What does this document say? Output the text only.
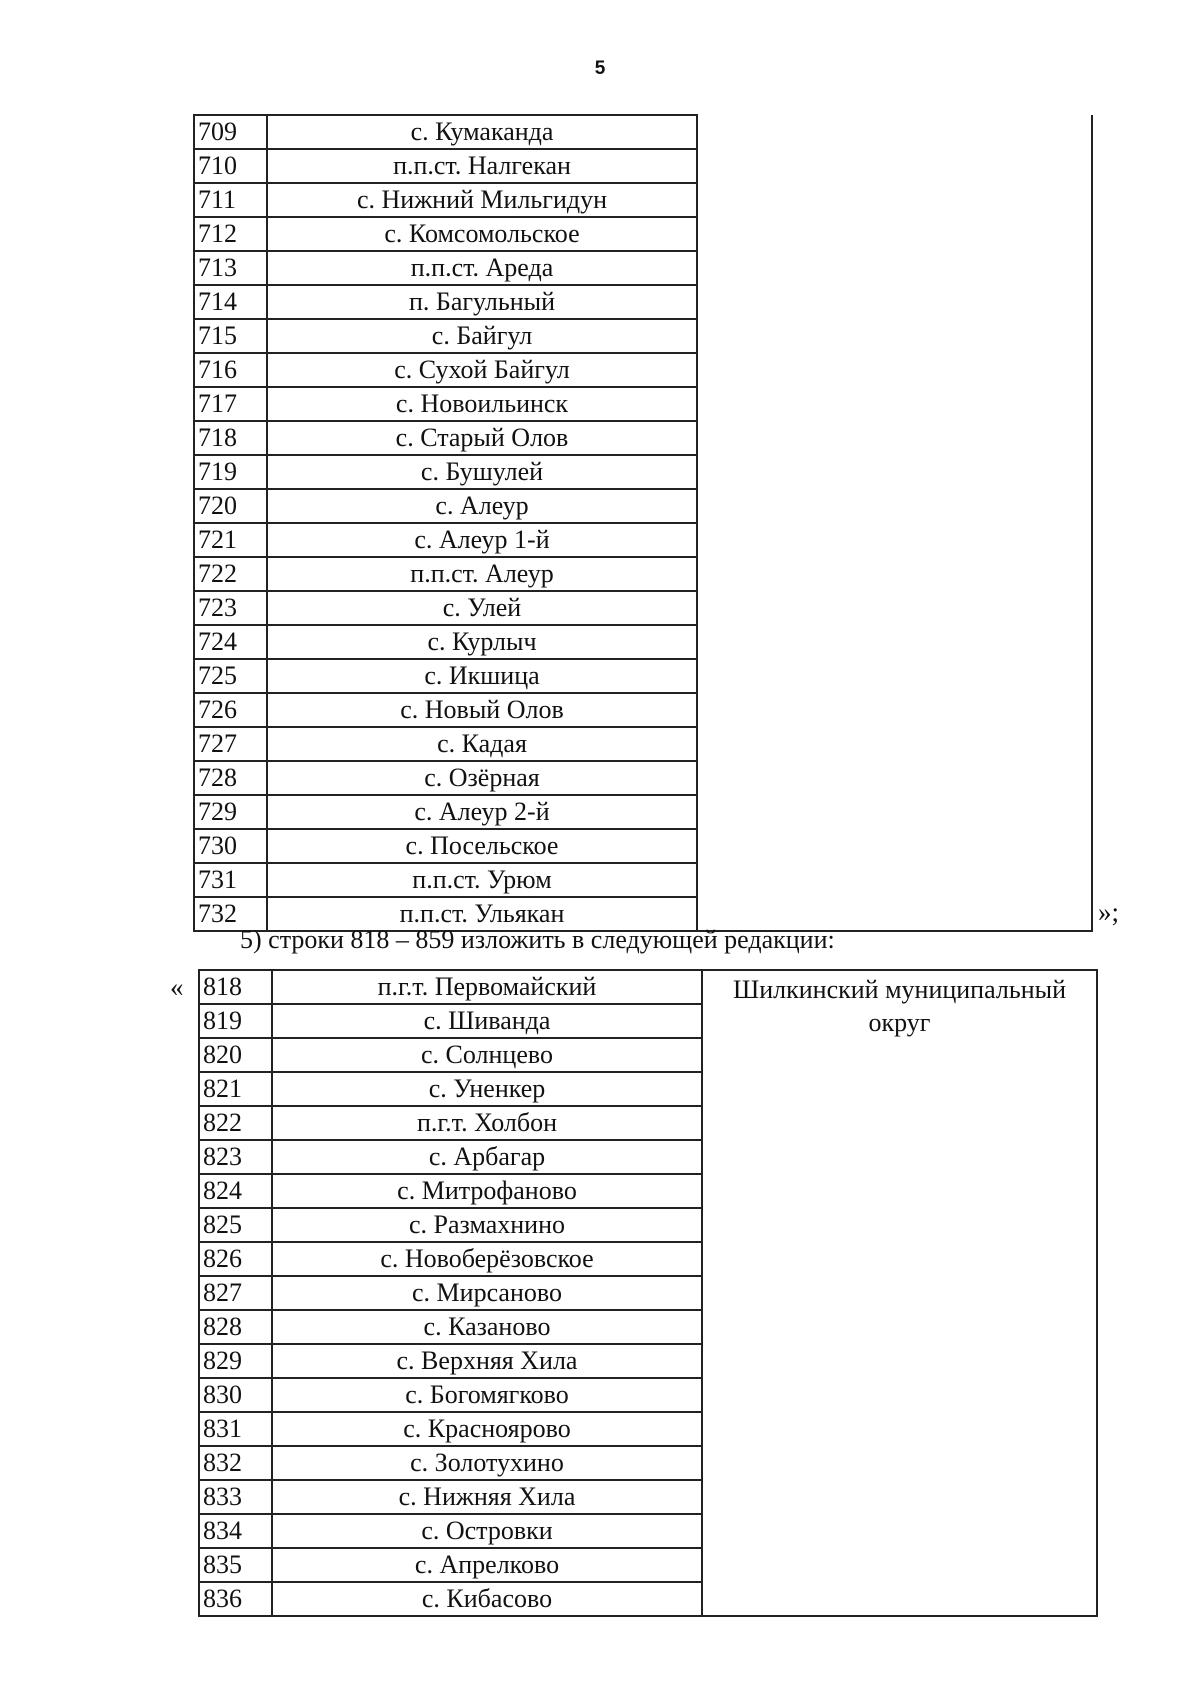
5
709	с. Кумаканда	
710	п.п.ст. Налгекан	
711	с. Нижний Мильгидун	
712	с. Комсомольское	
713	п.п.ст. Ареда	
714	п. Багульный	
715	с. Байгул	
716	с. Сухой Байгул	
717	с. Новоильинск	
718	с. Старый Олов	
719	с. Бушулей	
720	с. Алеур	
721	с. Алеур 1-й	
722	п.п.ст. Алеур	
723	с. Улей	
724	с. Курлыч	
725	с. Икшица	
726	с. Новый Олов	
727	с. Кадая	
728	с. Озёрная	
729	с. Алеур 2-й	
730	с. Посельское	
731	п.п.ст. Урюм	
732	п.п.ст. Ульякан		»;
5) строки 818 – 859 изложить в следующей редакции:
« 818	п.г.т. Первомайский	Шилкинский муниципальный округ
819	с. Шиванда	
820	с. Солнцево	
821	с. Уненкер	
822	п.г.т. Холбон	
823	с. Арбагар	
824	с. Митрофаново	
825	с. Размахнино	
826	с. Новоберёзовское	
827	с. Мирсаново	
828	с. Казаново	
829	с. Верхняя Хила	
830	с. Богомягково	
831	с. Красноярово	
832	с. Золотухино	
833	с. Нижняя Хила	
834	с. Островки	
835	с. Апрелково	
836	с. Кибасово	
